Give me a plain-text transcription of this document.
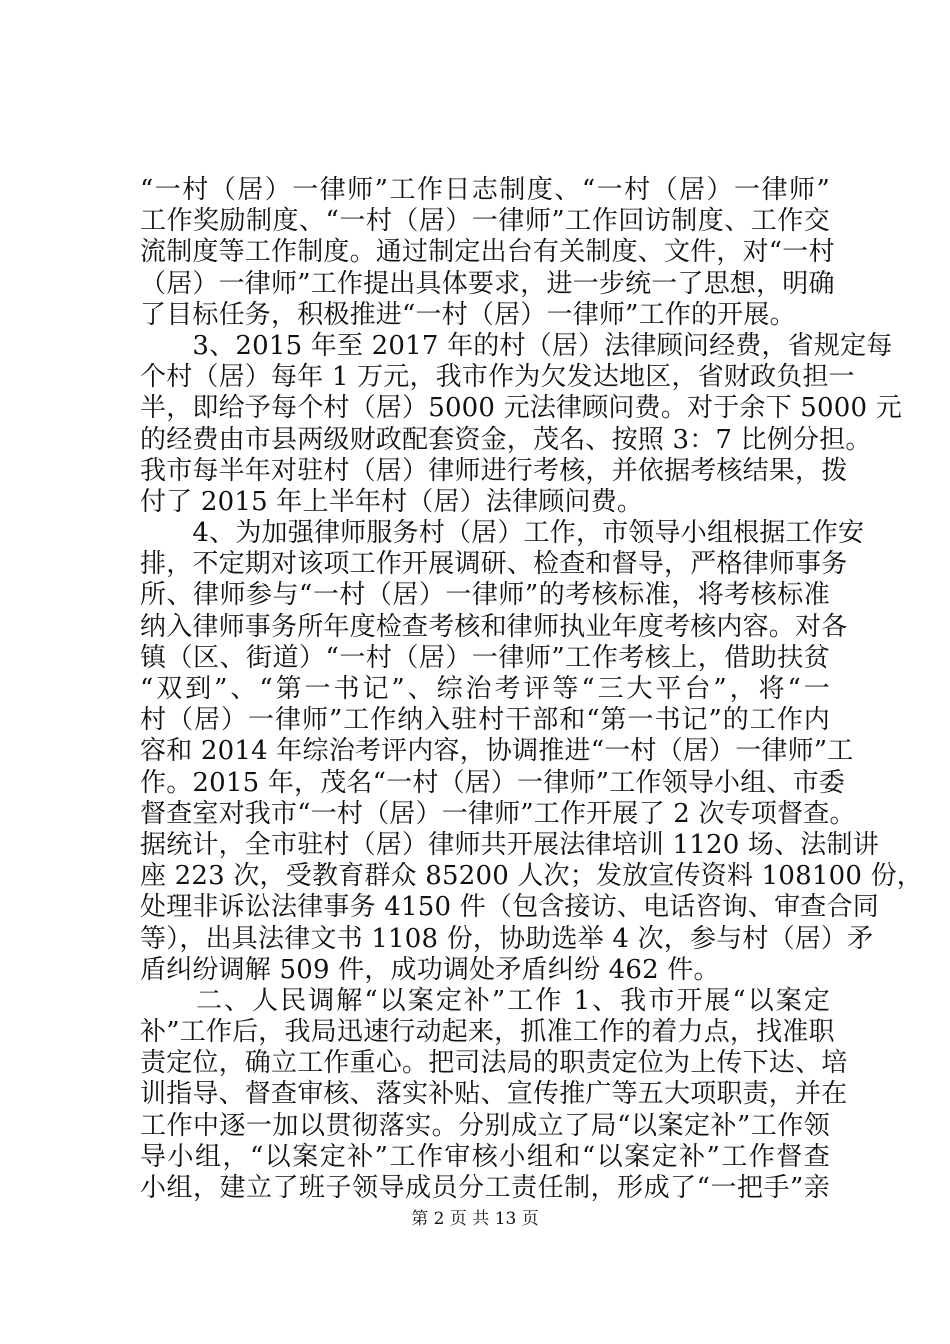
“一村（居）一律师”工作日志制度、“一村（居）一律师”
工作奖励制度、“一村（居）一律师”工作回访制度、工作交
流制度等工作制度。通过制定出台有关制度、文件，对“一村
（居）一律师”工作提出具体要求，进一步统一了思想，明确
了目标任务，积极推进“一村（居）一律师”工作的开展。
　　3、2015 年至 2017 年的村（居）法律顾问经费，省规定每
个村（居）每年 1 万元，我市作为欠发达地区，省财政负担一
半，即给予每个村（居）5000 元法律顾问费。对于余下 5000 元
的经费由市县两级财政配套资金，茂名、按照 3：7 比例分担。
我市每半年对驻村（居）律师进行考核，并依据考核结果，拨
付了 2015 年上半年村（居）法律顾问费。
　　4、为加强律师服务村（居）工作，市领导小组根据工作安
排，不定期对该项工作开展调研、检查和督导，严格律师事务
所、律师参与“一村（居）一律师”的考核标准，将考核标准
纳入律师事务所年度检查考核和律师执业年度考核内容。对各
镇（区、街道）“一村（居）一律师”工作考核上，借助扶贫
“双到”、“第一书记”、综治考评等“三大平台”，将“一
村（居）一律师”工作纳入驻村干部和“第一书记”的工作内
容和 2014 年综治考评内容，协调推进“一村（居）一律师”工
作。2015 年，茂名“一村（居）一律师”工作领导小组、市委
督查室对我市“一村（居）一律师”工作开展了 2 次专项督查。
据统计，全市驻村（居）律师共开展法律培训 1120 场、法制讲
座 223 次，受教育群众 85200 人次；发放宣传资料 108100 份，
处理非诉讼法律事务 4150 件（包含接访、电话咨询、审查合同
等），出具法律文书 1108 份，协助选举 4 次，参与村（居）矛
盾纠纷调解 509 件，成功调处矛盾纠纷 462 件。
　　二、人民调解“以案定补”工作 1、我市开展“以案定
补”工作后，我局迅速行动起来，抓准工作的着力点，找准职
责定位，确立工作重心。把司法局的职责定位为上传下达、培
训指导、督查审核、落实补贴、宣传推广等五大项职责，并在
工作中逐一加以贯彻落实。分别成立了局“以案定补”工作领
导小组，“以案定补”工作审核小组和“以案定补”工作督查
小组，建立了班子领导成员分工责任制，形成了“一把手”亲
第 2 页 共 13 页
